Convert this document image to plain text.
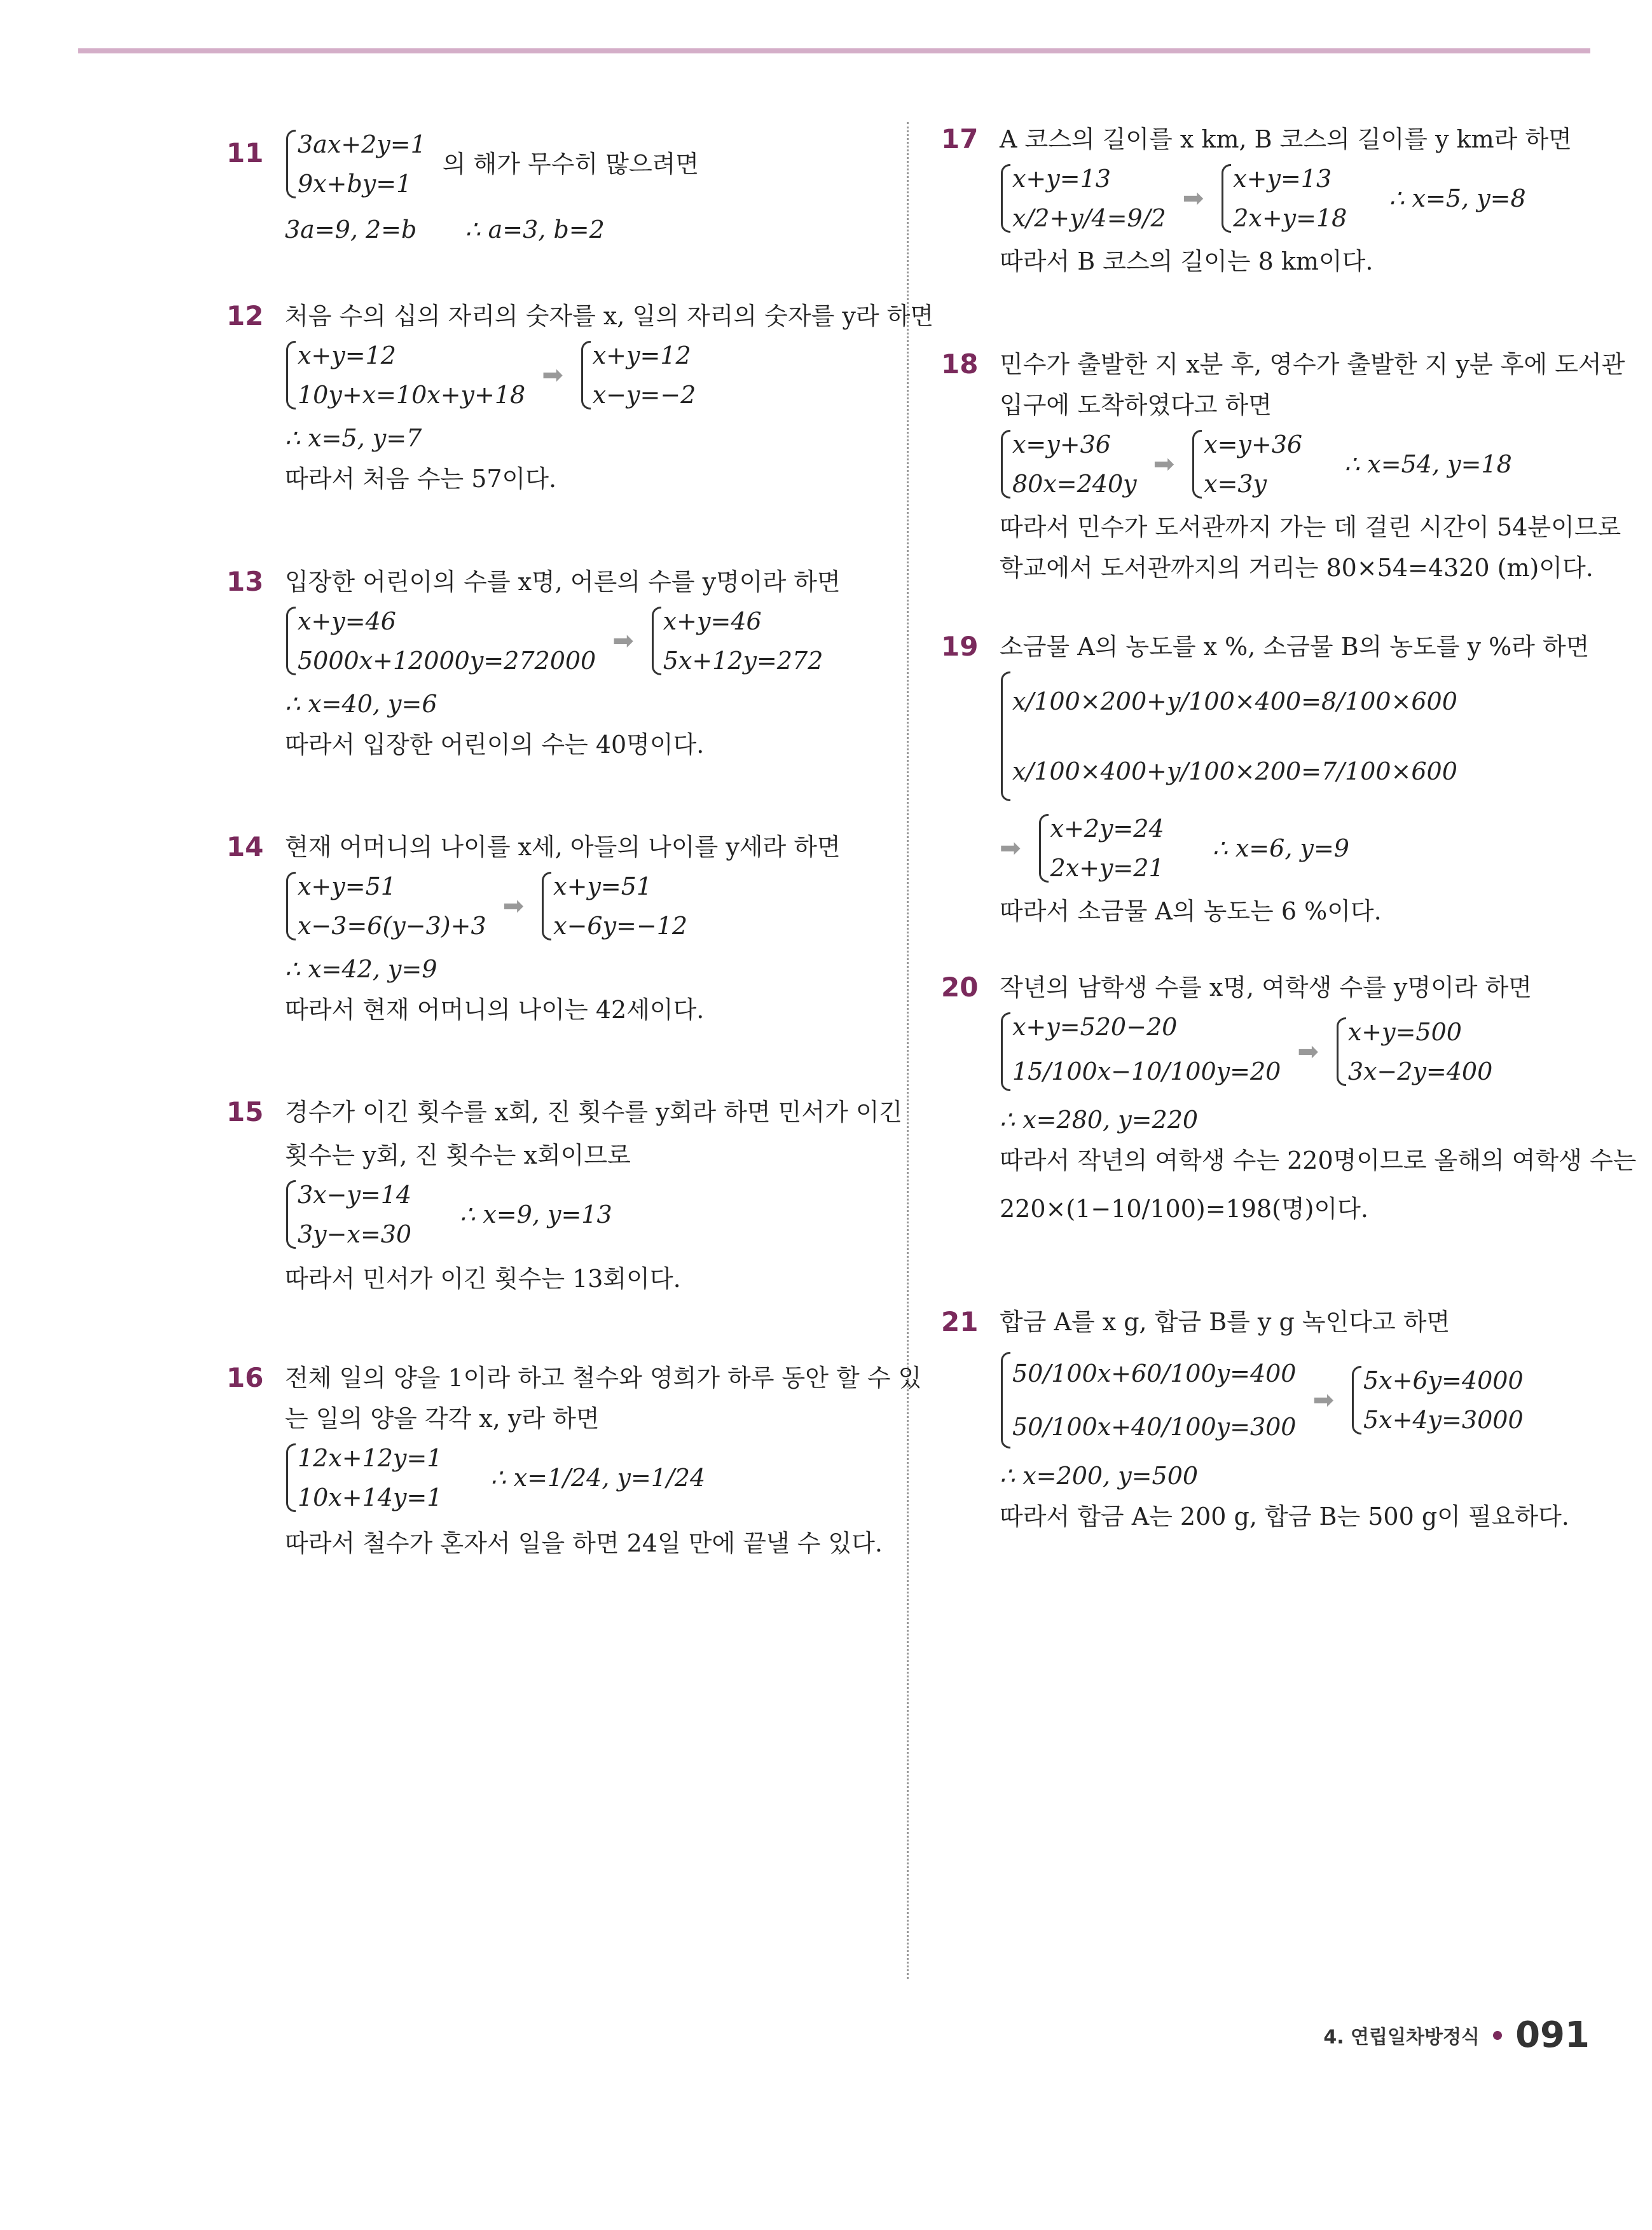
11	3ax+2y=1
9x+by=1
의 해가 무수히 많으려면
3a=9, 2=b ∴ a=3, b=2
12 처음 수의 십의 자리의 숫자를 x, 일의 자리의 숫자를 y라 하면
x+y=12
10y+x=10x+y+18
➡
x+y=12
x−y=−2
∴ x=5, y=7
따라서 처음 수는 57이다.
13 입장한 어린이의 수를 x명, 어른의 수를 y명이라 하면
x+y=46
5000x+12000y=272000
➡
x+y=46
5x+12y=272
∴ x=40, y=6
따라서 입장한 어린이의 수는 40명이다.
14 현재 어머니의 나이를 x세, 아들의 나이를 y세라 하면
x+y=51
x−3=6(y−3)+3
➡
x+y=51
x−6y=−12
∴ x=42, y=9
따라서 현재 어머니의 나이는 42세이다.
15 경수가 이긴 횟수를 x회, 진 횟수를 y회라 하면 민서가 이긴
횟수는 y회, 진 횟수는 x회이므로
3x−y=14
3y−x=30
∴ x=9, y=13
따라서 민서가 이긴 횟수는 13회이다.
16 전체 일의 양을 1이라 하고 철수와 영희가 하루 동안 할 수 있
는 일의 양을 각각 x, y라 하면
12x+12y=1
10x+14y=1
∴ x=1/24, y=1/24
따라서 철수가 혼자서 일을 하면 24일 만에 끝낼 수 있다.
17 A 코스의 길이를 x km, B 코스의 길이를 y km라 하면
x+y=13
x/2+y/4=9/2
➡
x+y=13
2x+y=18
∴ x=5, y=8
따라서 B 코스의 길이는 8 km이다.
18 민수가 출발한 지 x분 후, 영수가 출발한 지 y분 후에 도서관
입구에 도착하였다고 하면
x=y+36
80x=240y
➡
x=y+36
x=3y
∴ x=54, y=18
따라서 민수가 도서관까지 가는 데 걸린 시간이 54분이므로
학교에서 도서관까지의 거리는 80×54=4320 (m)이다.
19 소금물 A의 농도를 x %, 소금물 B의 농도를 y %라 하면
x/100×200+y/100×400=8/100×600
x/100×400+y/100×200=7/100×600
➡
x+2y=24
2x+y=21
∴ x=6, y=9
따라서 소금물 A의 농도는 6 %이다.
20 작년의 남학생 수를 x명, 여학생 수를 y명이라 하면
x+y=520−20
15/100x−10/100y=20
➡
x+y=500
3x−2y=400
∴ x=280, y=220
따라서 작년의 여학생 수는 220명이므로 올해의 여학생 수는
220×(1−10/100)=198(명)이다.
21 합금 A를 x g, 합금 B를 y g 녹인다고 하면
50/100x+60/100y=400
50/100x+40/100y=300
➡
5x+6y=4000
5x+4y=3000
∴ x=200, y=500
따라서 합금 A는 200 g, 합금 B는 500 g이 필요하다.
4. 연립일차방정식 091
